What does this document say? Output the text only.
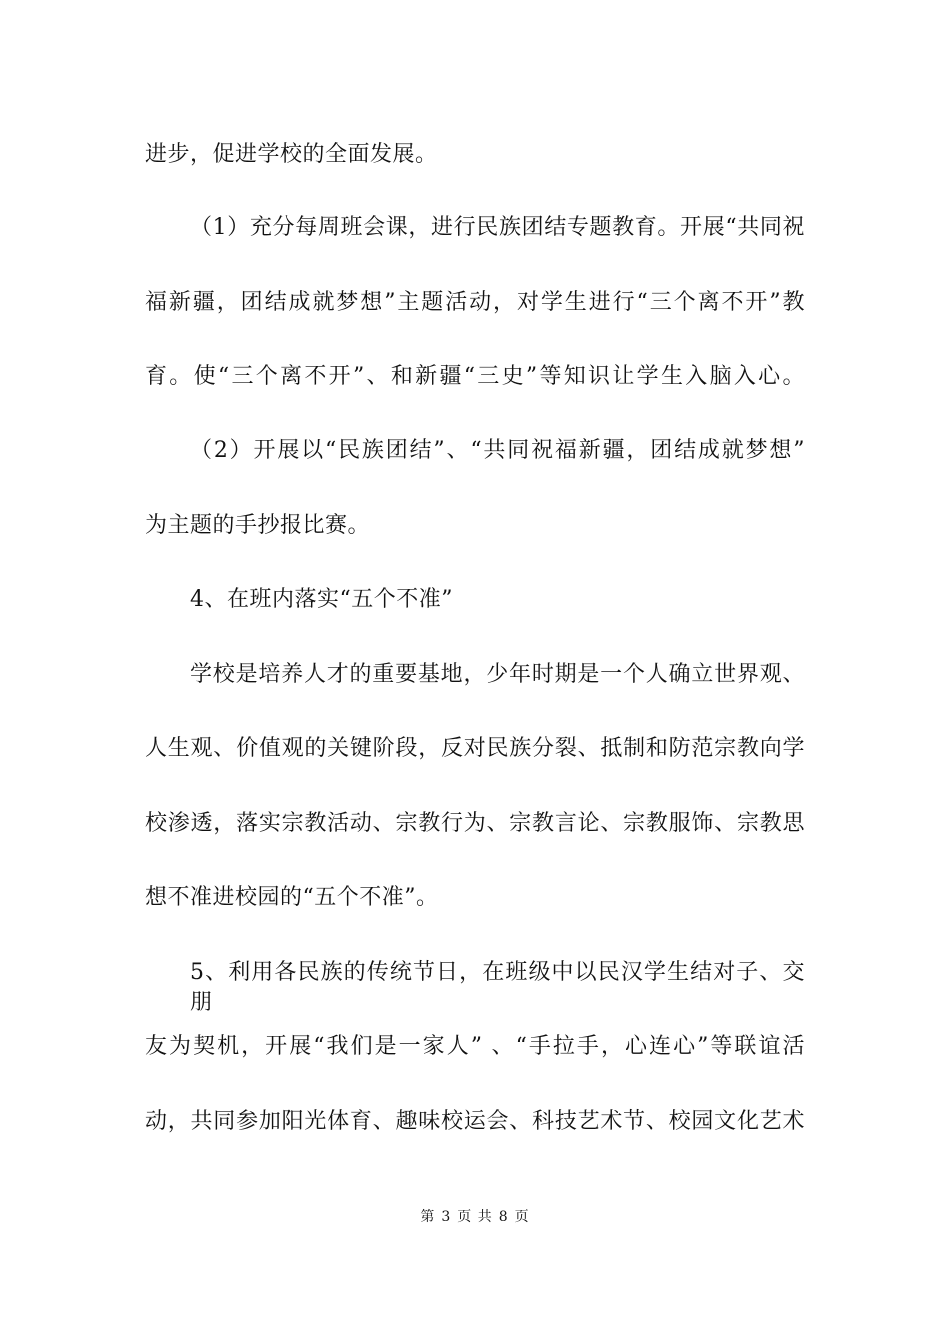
进步，促进学校的全面发展。
（1）充分每周班会课，进行民族团结专题教育。开展“共同祝
福新疆，团结成就梦想”主题活动，对学生进行“三个离不开”教
育。使“三个离不开”、和新疆“三史”等知识让学生入脑入心。
（2）开展以“民族团结”、“共同祝福新疆，团结成就梦想”
为主题的手抄报比赛。
4、在班内落实“五个不准”
学校是培养人才的重要基地，少年时期是一个人确立世界观、
人生观、价值观的关键阶段，反对民族分裂、抵制和防范宗教向学
校渗透，落实宗教活动、宗教行为、宗教言论、宗教服饰、宗教思
想不准进校园的“五个不准”。
5、利用各民族的传统节日，在班级中以民汉学生结对子、交朋
友为契机，开展“我们是一家人” 、“手拉手，心连心”等联谊活
动，共同参加阳光体育、趣味校运会、科技艺术节、校园文化艺术
第 3 页 共 8 页
